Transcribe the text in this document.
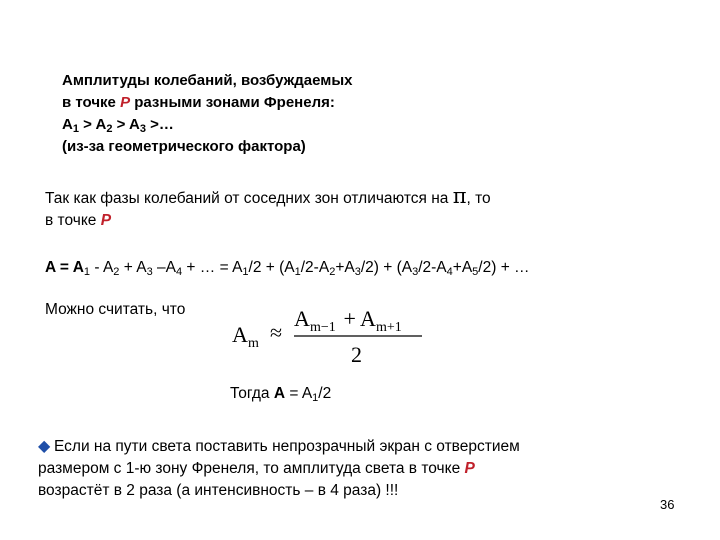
Амплитуды колебаний, возбуждаемых
в точке P разными зонами Френеля:
$A_1 > A_2 > A_3$ >…
(из-за геометрического фактора)
Так как фазы колебаний от соседних зон отличаются на π, то
в точке P
$A = A_1 - A_2 + A_3$ $-A_4$ + … = $A_1/2 + (A_1/2-A_2+A_3/2) + (A_3/2-A_4+A_5/2)$ + …
Можно считать, что
A m ≈
A m−1 +
A m+1
2
Тогда $A = A_1/2$
◆ Если на пути света поставить непрозрачный экран с отверстием
размером с 1-ю зону Френеля, то амплитуда света в точке P
возрастёт в 2 раза (а интенсивность – в 4 раза) !!!
36
